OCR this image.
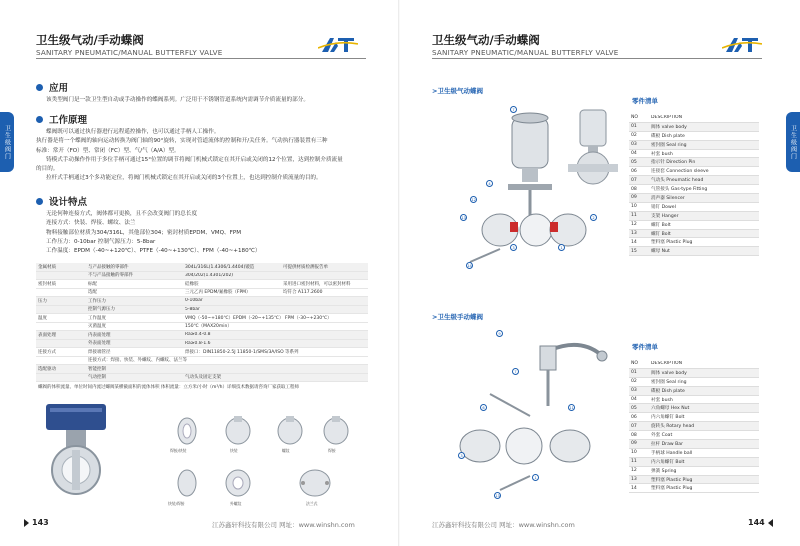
卫生级气动/手动蝶阀
SANITARY PNEUMATIC/MANUAL BUTTERFLY VALVE
卫生级阀门
应用

该类型阀门是一款卫生型自动或手动操作的蝶阀系列。广泛用于不锈钢管道系统内需调节介质流量的部分。

工作原理

蝶阀既可以通过执行器进行远程遥控操作，也可以通过手柄人工操作。

执行器是将一个蝶阀的轴向运动转换为阀门轴的90°旋转，实现对管道流体的控制和开/关任务。气动执行器装置有三种

标准：常开（FO）型、常闭（FC）型、气/气（A/A）型。

铸模式手动操作作用于多位手柄可通过15°位置的调节将阀门机械式锁定在其开启或关闭的12个位置，达到控制介质流量

的目的。

拉杆式手柄通过3个多功能定位，将阀门机械式锁定在其开启或关闭的3个位置上，也达到控制介质流量的目的。

设计特点

无论何种连接方式，阀体都可更换，且不会改变阀门的总长度

连接方式：快装、焊接、螺纹、法兰

物料接触部位材质为304/316L，其他部位304；密封材质EPDM、VMQ、FPM

工作压力：0-10bar 控制气源压力：5-8bar

工作温度：EPDM（-40~+120℃）、PTFE（-40~+130℃）、FPM（-40~+180℃）

金属材质	与产品接触的零部件	304L/316L(1.4306/1.4404)锻造	可提供材质检测报告单
不与产品接触的零部件	304/202(1.4301/202)
密封材质	标配	硅橡胶	采用进口密封材料，可以密封材料
选配	三元乙丙 EPDM/氟橡胶（FPM）	均符合 A117.2600
压力	工作压力	0-10bar
控制气源压力	5-8bar
温度	工作温度	VMQ（-50~+180℃）EPDM（-20~+135℃） FPM（-30~+230℃）
灭菌温度	150℃（MAX20min）
表面处理	内表面处理	Ra≥0.4-0.8
外表面处理	Ra≥0.8-1.6
连接方式	焊接端管径	焊接口：DIN11850-2.5J 11850-1/SMS/3A/ISO 等系列
连接方式：焊接、快装、外螺纹、内螺纹、法兰等
选配驱动	智能控制
气动控制	气动头及固定支架
螺阀的体积流量、单位时间内流过螺阀某横截面积的流体体积 体积流量：立方米/小时（m³/h）详细技术数据请咨询厂家获取工程师
焊接/快装	快装	螺纹	焊接
快装/焊接	外螺纹	法兰式
143	江苏鑫轩科技有限公司 网址：www.winshn.com
卫生级气动/手动蝶阀
SANITARY PNEUMATIC/MANUAL BUTTERFLY VALVE
卫生级阀门
>卫生级气动蝶阀
7
4
12
13
3	1
14
2
零件清单
NO	DESCRIPTION
01	阀体 valve body
02	碟板 Dish plate
03	密封圈 Seal ring
04	衬套 bush
05	指示针 Direction Pin
06	连接套 Connection sleeve
07	气动头 Pneumatic head
08	气管接头 Gas-type Fitting
09	消声器 Silencer
10	销钉 Dowel
11	支架 Hanger
12	螺钉 Bolt
13	螺钉 Bolt
14	塑料塞 Plastic Plug
15	螺母 Nut
>卫生级手动蝶阀
9
7
6
3
1
13
11
零件清单
NO	DESCRIPTION
01	阀体 valve body
02	密封圈 Seal ring
03	碟板 Dish plate
04	衬套 bush
05	六角螺母 Hex Nut
06	内六角螺钉 Bolt
07	旋转头 Rotary head
08	外套 Coat
09	拉杆 Draw Bar
10	手柄球 Handle ball
11	内六角螺钉 Bolt
12	弹簧 Spring
13	塑料塞 Plastic Plug
14	塑料塞 Plastic Plug
江苏鑫轩科技有限公司 网址：www.winshn.com	144
